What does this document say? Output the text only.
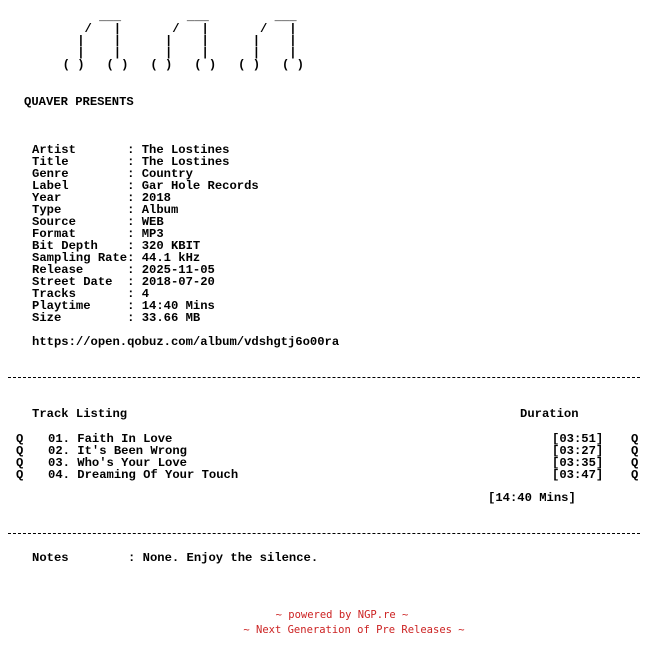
___         ___         ___
/   |       /   |       /   |
|    |      |    |      |    |
|    |      |    |      |    |
( )   ( )   ( )   ( )   ( )   ( )
QUAVER PRESENTS
Artist       : The Lostines
Title        : The Lostines
Genre        : Country
Label        : Gar Hole Records
Year         : 2018
Type         : Album
Source       : WEB
Format       : MP3
Bit Depth    : 320 KBIT
Sampling Rate: 44.1 kHz
Release      : 2025-11-05
Street Date  : 2018-07-20
Tracks       : 4
Playtime     : 14:40 Mins
Size         : 33.66 MB
https://open.qobuz.com/album/vdshgtj6o00ra
Track Listing	Duration
Q 01. Faith In Love	[03:51] Q
Q 02. It's Been Wrong	[03:27] Q
Q 03. Who's Your Love	[03:35] Q
Q 04. Dreaming Of Your Touch	[03:47] Q
[14:40 Mins]
Notes	: None. Enjoy the silence.
~ powered by NGP.re ~
~ Next Generation of Pre Releases ~
